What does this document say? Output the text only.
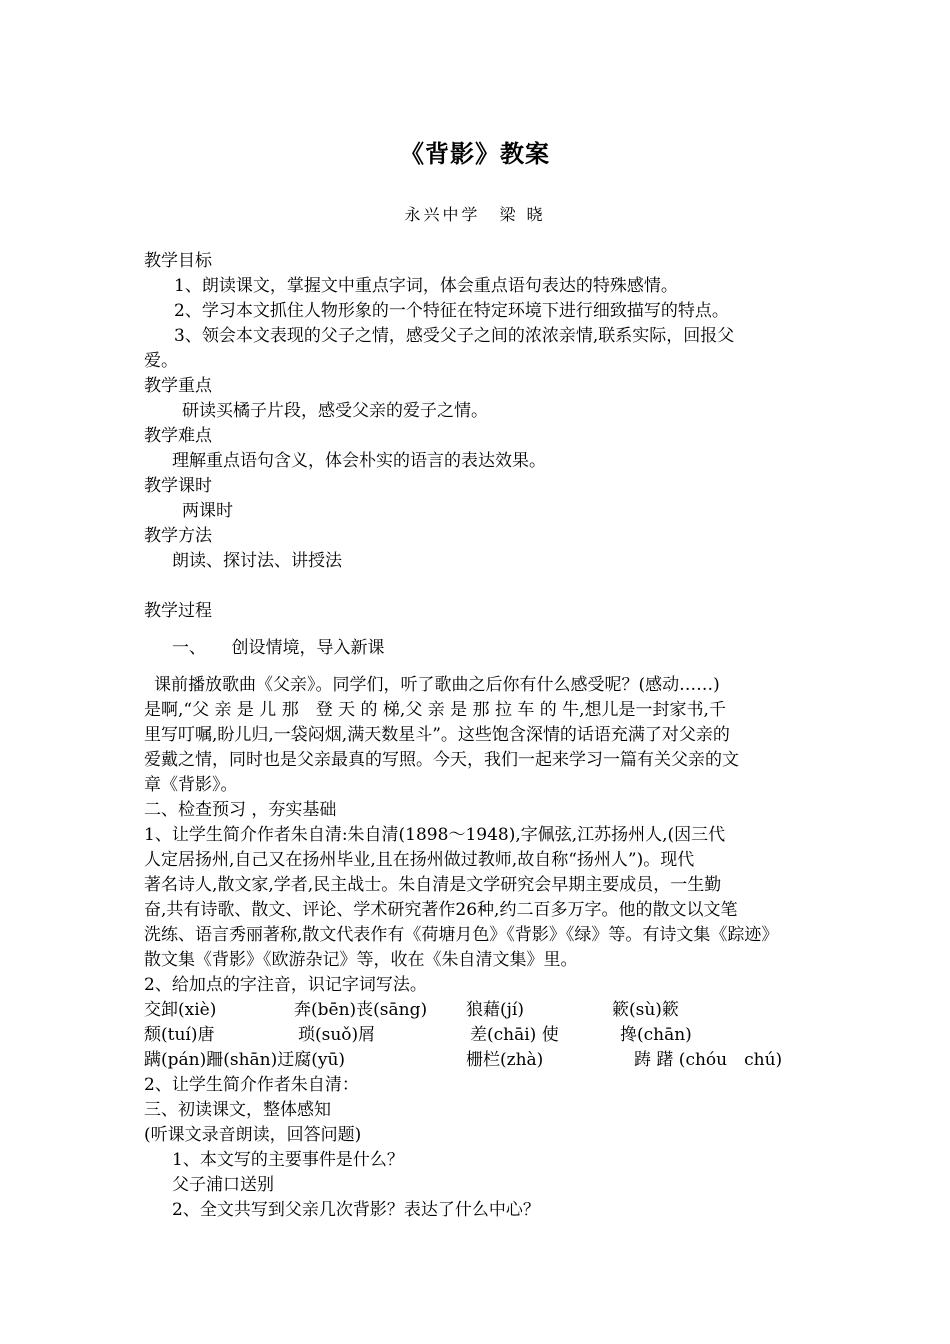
《背影》教案
永兴中学　梁 晓

教学目标

1、朗读课文，掌握文中重点字词，体会重点语句表达的特殊感情。

2、学习本文抓住人物形象的一个特征在特定环境下进行细致描写的特点。

3、领会本文表现的父子之情，感受父子之间的浓浓亲情,联系实际，回报父

爱。

教学重点

研读买橘子片段，感受父亲的爱子之情。

教学难点

理解重点语句含义，体会朴实的语言的表达效果。

教学课时

两课时

教学方法

朗读、探讨法、讲授法

教学过程

一、　　创设情境，导入新课

课前播放歌曲《父亲》。同学们，听了歌曲之后你有什么感受呢？(感动……)

是啊,“父 亲 是 儿 那　登 天 的 梯,父 亲 是 那 拉 车 的 牛,想儿是一封家书,千

里写叮嘱,盼儿归,一袋闷烟,满天数星斗”。这些饱含深情的话语充满了对父亲的

爱戴之情，同时也是父亲最真的写照。今天，我们一起来学习一篇有关父亲的文

章《背影》。

二、检查预习 ，夯实基础

1、让学生简介作者朱自清:朱自清(1898～1948),字佩弦,江苏扬州人,(因三代

人定居扬州,自己又在扬州毕业,且在扬州做过教师,故自称“扬州人”)。现代

著名诗人,散文家,学者,民主战士。朱自清是文学研究会早期主要成员，一生勤

奋,共有诗歌、散文、评论、学术研究著作26种,约二百多万字。他的散文以文笔

洗练、语言秀丽著称,散文代表作有《荷塘月色》《背影》《绿》等。有诗文集《踪迹》

散文集《背影》《欧游杂记》等，收在《朱自清文集》里。

2、给加点的字注音，识记字词写法。

交卸(xiè)	奔(bēn)丧(sāng)	狼藉(jí)	簌(sù)簌
颓(tuí)唐	琐(suǒ)屑	差(chāi) 使	搀(chān)
蹒(pán)跚(shān)迂腐(yū)	栅栏(zhà)	踌 躇 (chóu　chú)

2、让学生简介作者朱自清：

三、初读课文，整体感知

(听课文录音朗读，回答问题)

1、本文写的主要事件是什么？

父子浦口送别

2、全文共写到父亲几次背影？表达了什么中心？
